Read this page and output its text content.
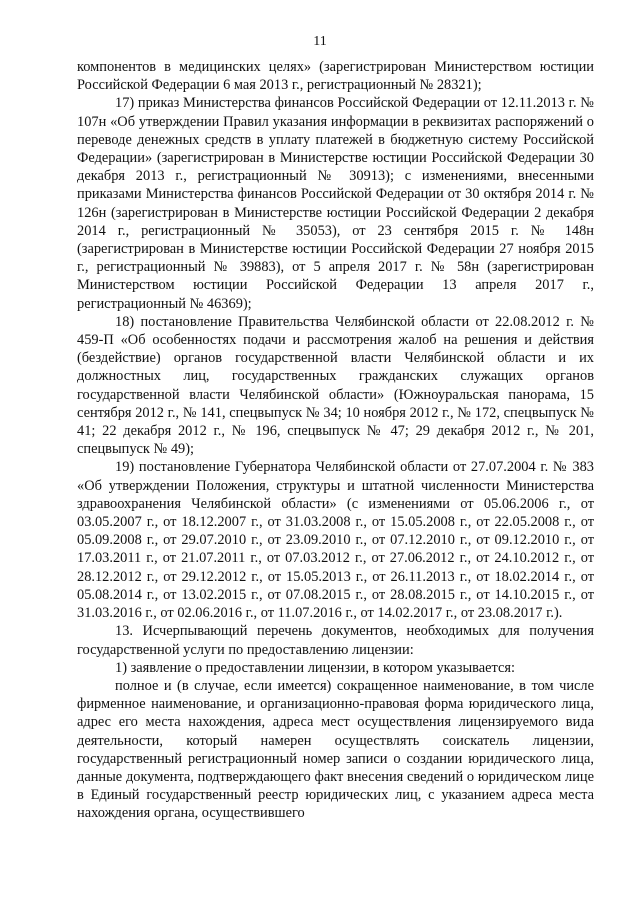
11

компонентов в медицинских целях» (зарегистрирован Министерством юстиции Российской Федерации 6 мая 2013 г., регистрационный № 28321);

17) приказ Министерства финансов Российской Федерации от 12.11.2013 г. № 107н «Об утверждении Правил указания информации в реквизитах распоряжений о переводе денежных средств в уплату платежей в бюджетную систему Российской Федерации» (зарегистрирован в Министерстве юстиции Российской Федерации 30 декабря 2013 г., регистрационный № 30913); с изменениями, внесенными приказами Министерства финансов Российской Федерации от 30 октября 2014 г. № 126н (зарегистрирован в Министерстве юстиции Российской Федерации 2 декабря 2014 г., регистрационный № 35053), от 23 сентября 2015 г. № 148н (зарегистрирован в Министерстве юстиции Российской Федерации 27 ноября 2015 г., регистрационный № 39883), от 5 апреля 2017 г. № 58н (зарегистрирован Министерством юстиции Российской Федерации 13 апреля 2017 г., регистрационный № 46369);

18) постановление Правительства Челябинской области от 22.08.2012 г. № 459-П «Об особенностях подачи и рассмотрения жалоб на решения и действия (бездействие) органов государственной власти Челябинской области и их должностных лиц, государственных гражданских служащих органов государственной власти Челябинской области» (Южноуральская панорама, 15 сентября 2012 г., № 141, спецвыпуск № 34; 10 ноября 2012 г., № 172, спецвыпуск № 41; 22 декабря 2012 г., № 196, спецвыпуск № 47; 29 декабря 2012 г., № 201, спецвыпуск № 49);

19) постановление Губернатора Челябинской области от 27.07.2004 г. № 383 «Об утверждении Положения, структуры и штатной численности Министерства здравоохранения Челябинской области» (с изменениями от 05.06.2006 г., от 03.05.2007 г., от 18.12.2007 г., от 31.03.2008 г., от 15.05.2008 г., от 22.05.2008 г., от 05.09.2008 г., от 29.07.2010 г., от 23.09.2010 г., от 07.12.2010 г., от 09.12.2010 г., от 17.03.2011 г., от 21.07.2011 г., от 07.03.2012 г., от 27.06.2012 г., от 24.10.2012 г., от 28.12.2012 г., от 29.12.2012 г., от 15.05.2013 г., от 26.11.2013 г., от 18.02.2014 г., от 05.08.2014 г., от 13.02.2015 г., от 07.08.2015 г., от 28.08.2015 г., от 14.10.2015 г., от 31.03.2016 г., от 02.06.2016 г., от 11.07.2016 г., от 14.02.2017 г., от 23.08.2017 г.).

13. Исчерпывающий перечень документов, необходимых для получения государственной услуги по предоставлению лицензии:

1) заявление о предоставлении лицензии, в котором указывается:

полное и (в случае, если имеется) сокращенное наименование, в том числе фирменное наименование, и организационно-правовая форма юридического лица, адрес его места нахождения, адреса мест осуществления лицензируемого вида деятельности, который намерен осуществлять соискатель лицензии, государственный регистрационный номер записи о создании юридического лица, данные документа, подтверждающего факт внесения сведений о юридическом лице в Единый государственный реестр юридических лиц, с указанием адреса места нахождения органа, осуществившего
